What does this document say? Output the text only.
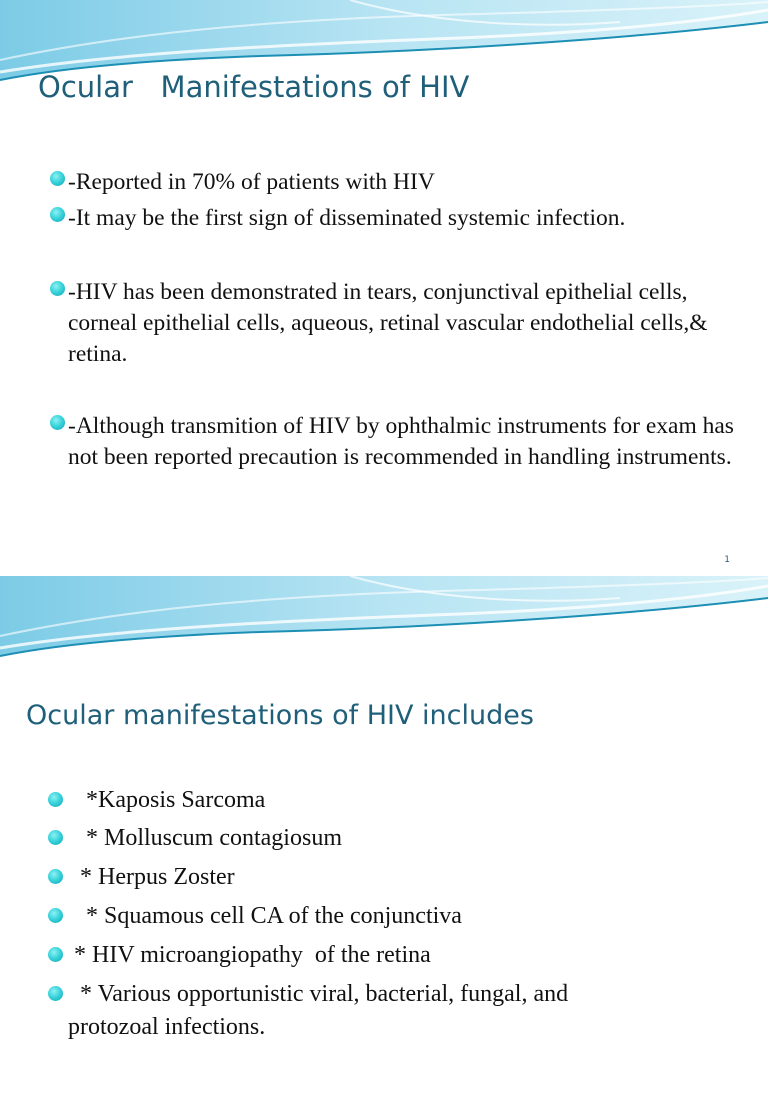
Ocular   Manifestations of HIV
-Reported in 70% of patients with HIV
-It may be the first sign of disseminated systemic infection.
-HIV has been demonstrated in tears, conjunctival epithelial cells, corneal epithelial cells, aqueous, retinal vascular endothelial cells,& retina.
-Although transmition of HIV by ophthalmic instruments for exam has not been reported precaution is recommended in handling instruments.
1
Ocular manifestations of HIV includes

*Kaposis Sarcoma

* Molluscum contagiosum

* Herpus Zoster

* Squamous cell CA of the conjunctiva

* HIV microangiopathy  of the retina

* Various opportunistic viral, bacterial, fungal, and

protozoal infections.
